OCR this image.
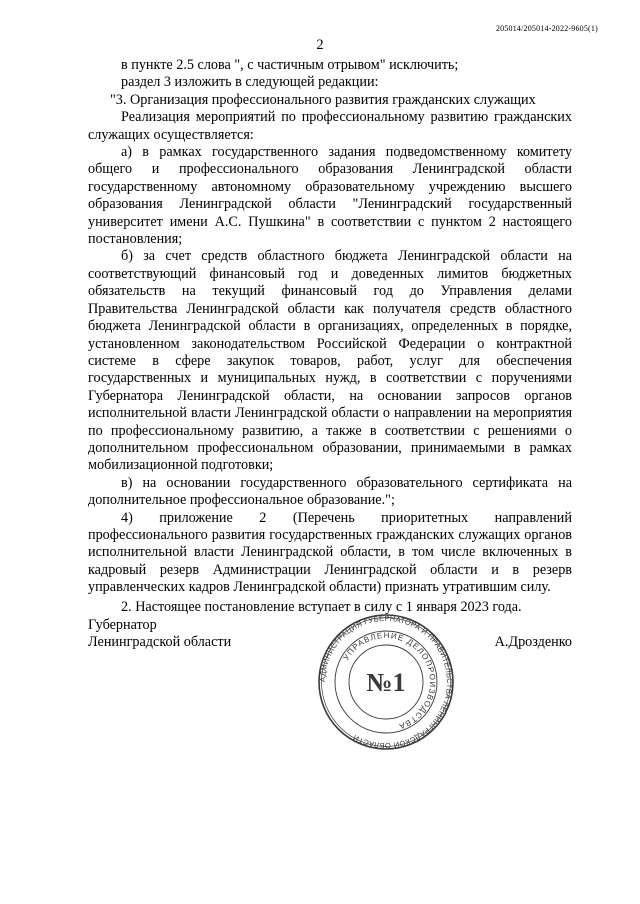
205014/205014-2022-9605(1)
2

в пункте 2.5 слова ", с частичным отрывом" исключить;

раздел 3 изложить в следующей редакции:

"3. Организация профессионального развития гражданских служащих

Реализация мероприятий по профессиональному развитию гражданских служащих осуществляется:

а) в рамках государственного задания подведомственному комитету общего и профессионального образования Ленинградской области государственному автономному образовательному учреждению высшего образования Ленинградской области "Ленинградский государственный университет имени А.С. Пушкина" в соответствии с пунктом 2 настоящего постановления;

б) за счет средств областного бюджета Ленинградской области на соответствующий финансовый год и доведенных лимитов бюджетных обязательств на текущий финансовый год до Управления делами Правительства Ленинградской области как получателя средств областного бюджета Ленинградской области в организациях, определенных в порядке, установленном законодательством Российской Федерации о контрактной системе в сфере закупок товаров, работ, услуг для обеспечения государственных и муниципальных нужд, в соответствии с поручениями Губернатора Ленинградской области, на основании запросов органов исполнительной власти Ленинградской области о направлении на мероприятия по профессиональному развитию, а также в соответствии с решениями о дополнительном профессиональном образовании, принимаемыми в рамках мобилизационной подготовки;

в) на основании государственного образовательного сертификата на дополнительное профессиональное образование.";

4) приложение 2 (Перечень приоритетных направлений профессионального развития государственных гражданских служащих органов исполнительной власти Ленинградской области, в том числе включенных в кадровый резерв Администрации Ленинградской области и в резерв управленческих кадров Ленинградской области) признать утратившим силу.

2. Настоящее постановление вступает в силу с 1 января 2023 года.

Губернатор
Ленинградской области	А.Дрозденко
АДМИНИСТРАЦИЯ ГУБЕРНАТОРА И ПРАВИТЕЛЬСТВА ЛЕНИНГРАДСКОЙ ОБЛАСТИ
УПРАВЛЕНИЕ ДЕЛОПРОИЗВОДСТВА
№1
